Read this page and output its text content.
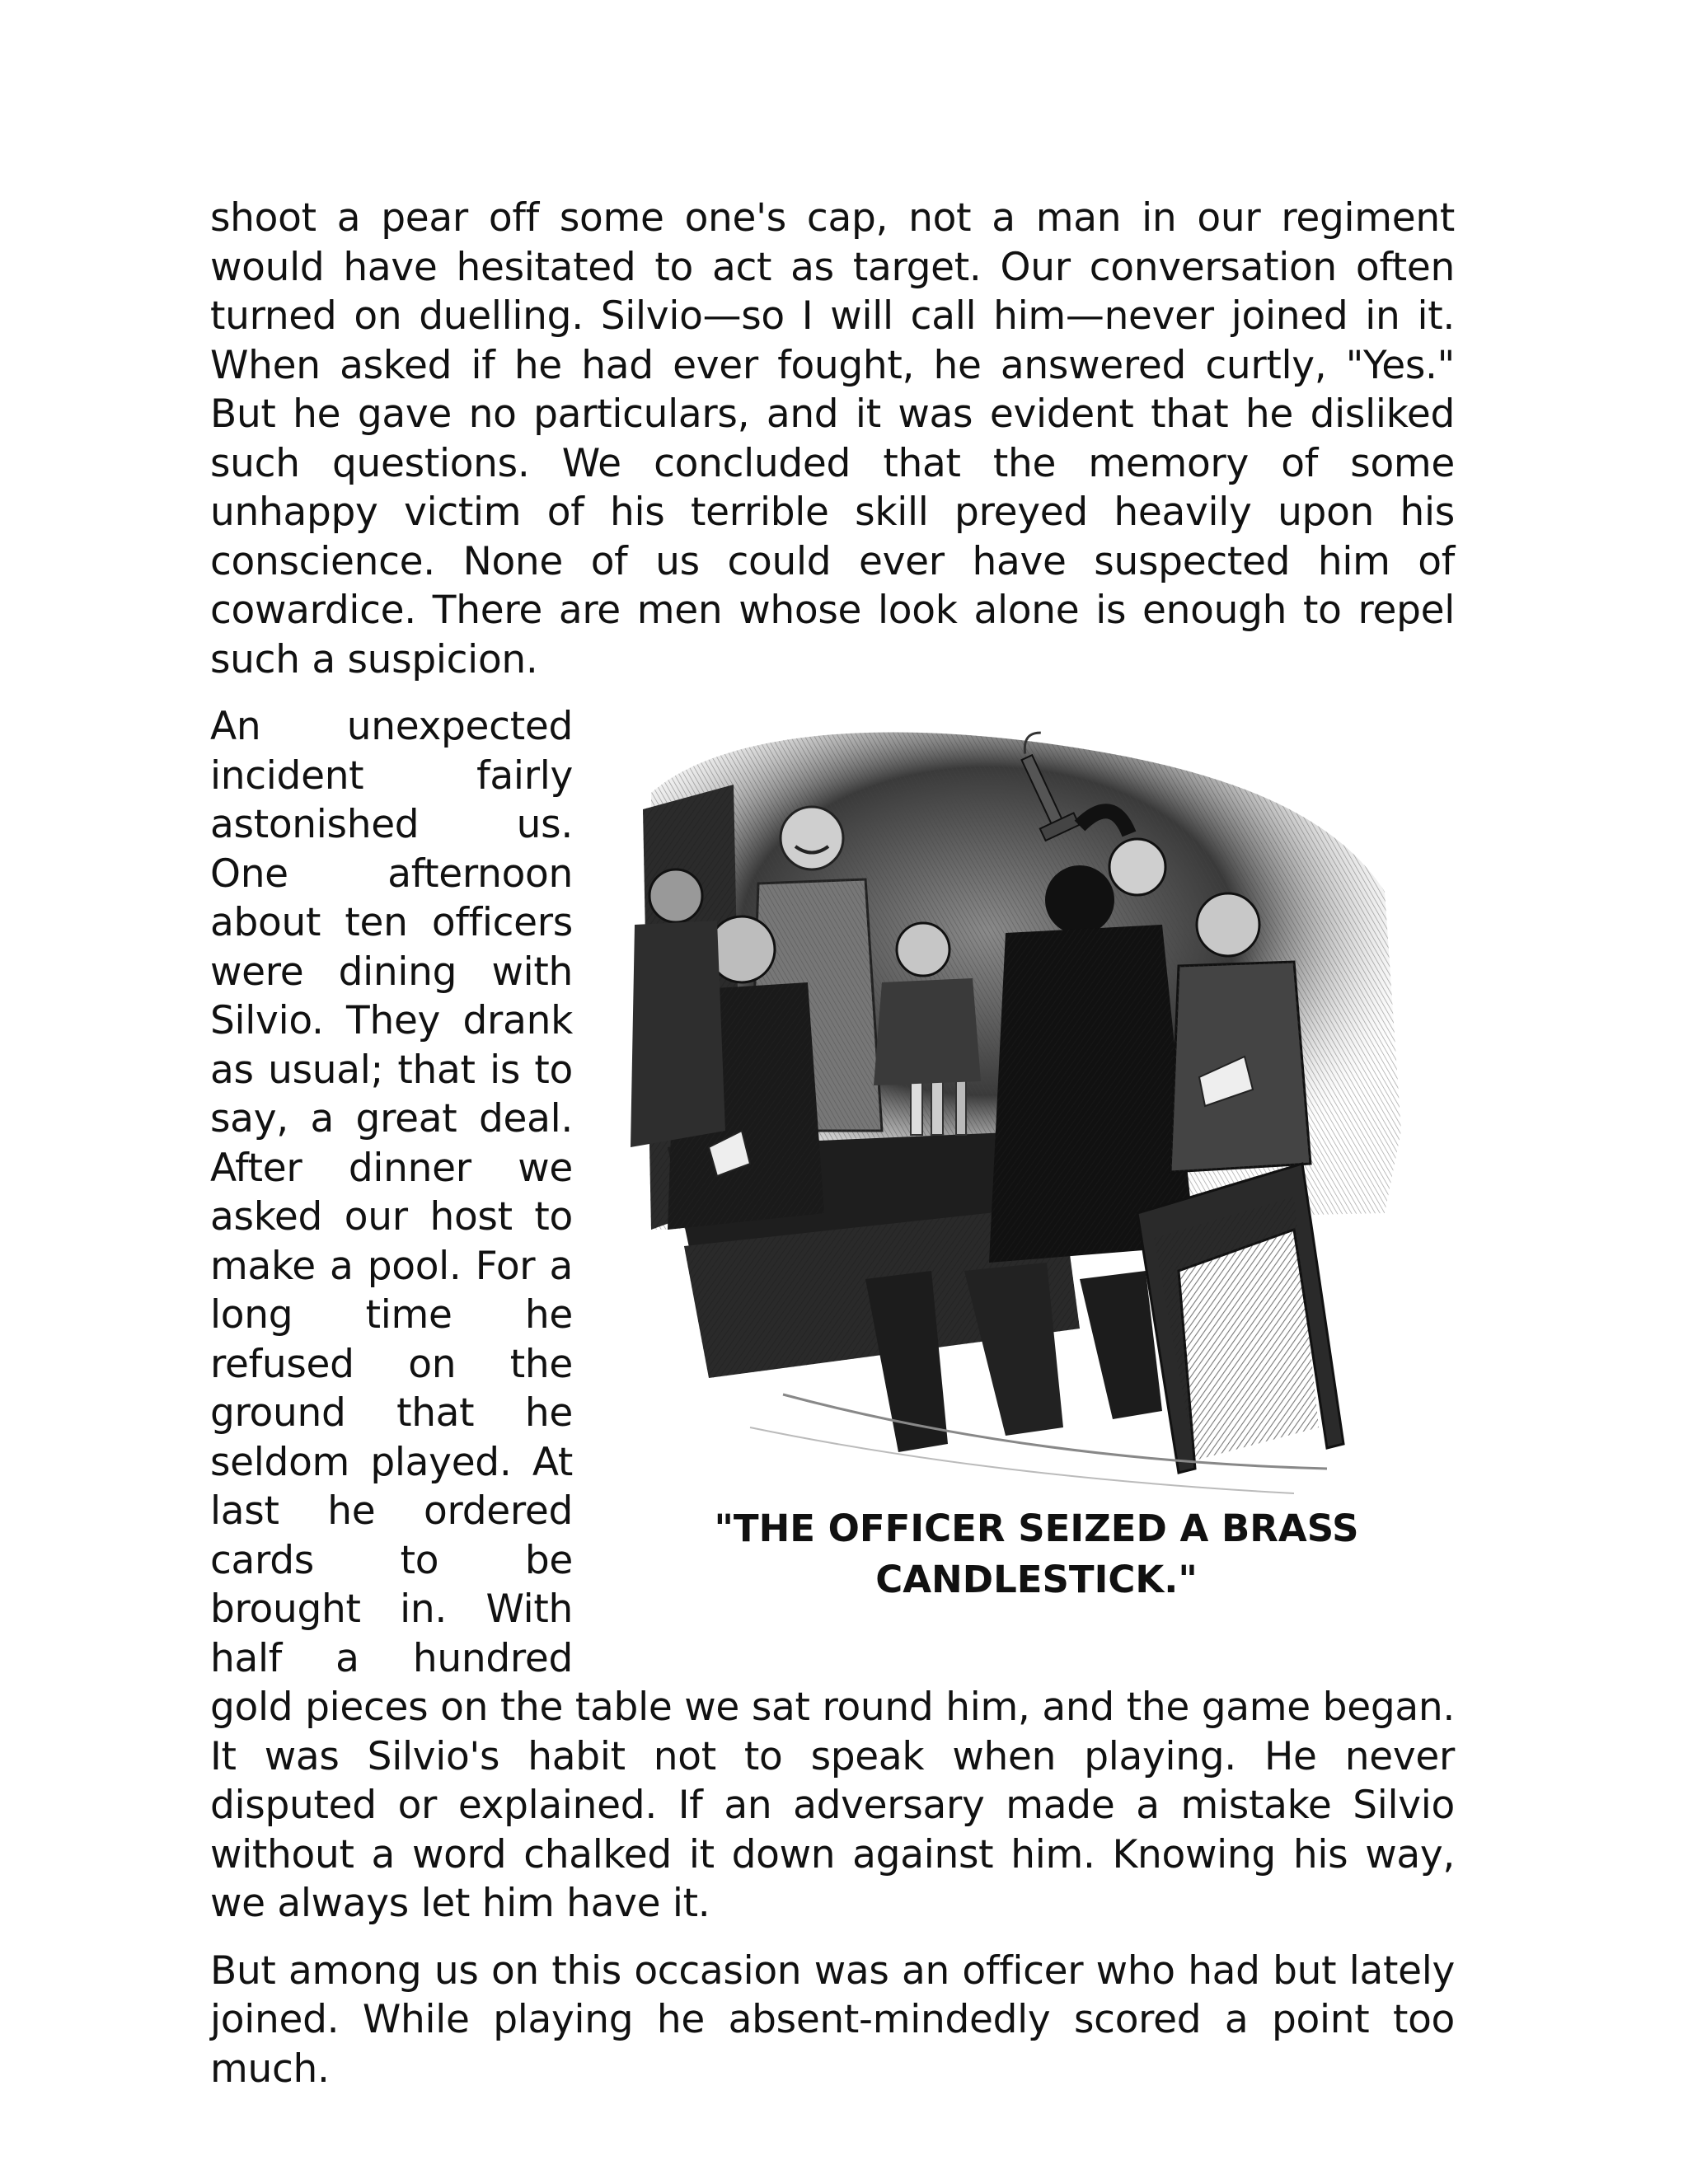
shoot a pear off some one's cap, not a man in our regiment would have hesitated to act as target. Our conversation often turned on duelling. Silvio—so I will call him—never joined in it. When asked if he had ever fought, he answered curtly, "Yes." But he gave no particulars, and it was evident that he disliked such questions. We concluded that the memory of some unhappy victim of his terrible skill preyed heavily upon his conscience. None of us could ever have suspected him of cowardice. There are men whose look alone is enough to repel such a suspicion.

"THE OFFICER SEIZED A BRASS
CANDLESTICK."

An unexpected incident fairly astonished us. One afternoon about ten officers were dining with Silvio. They drank as usual; that is to say, a great deal. After dinner we asked our host to make a pool. For a long time he refused on the ground that he seldom played. At last he ordered cards to be brought in. With half a hundred gold pieces on the table we sat round him, and the game began. It was Silvio's habit not to speak when playing. He never disputed or explained. If an adversary made a mistake Silvio without a word chalked it down against him. Knowing his way, we always let him have it.

But among us on this occasion was an officer who had but lately joined. While playing he absent-mindedly scored a point too much.
